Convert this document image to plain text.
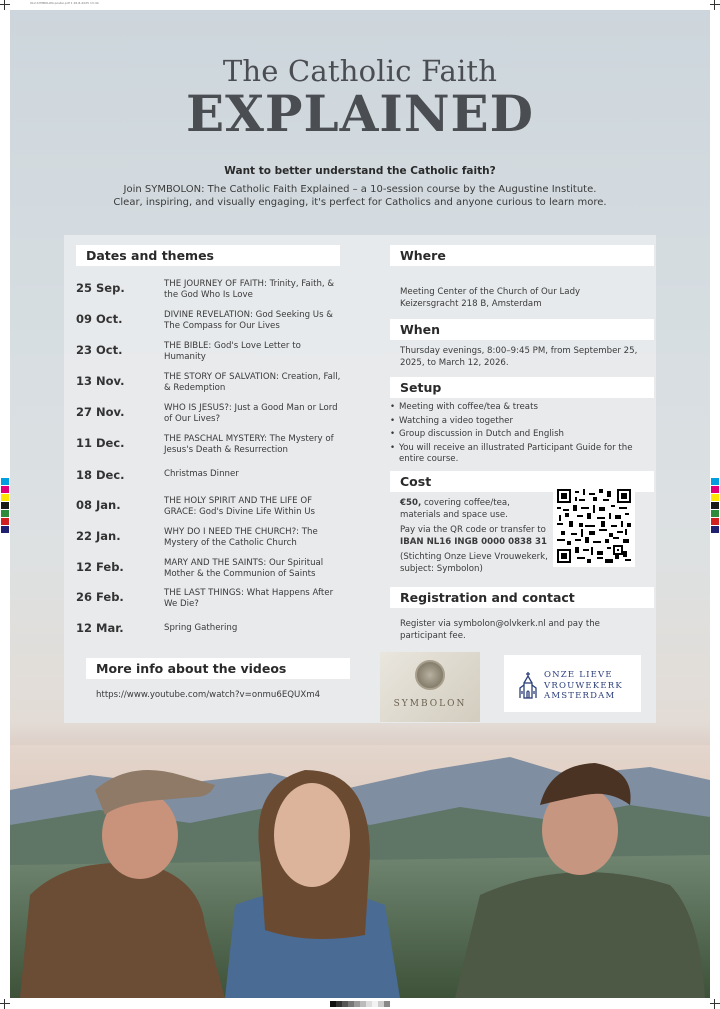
OLV-SYMBOLON-poster.pdf 1 26-8-2025 13:44
The Catholic Faith
EXPLAINED
Want to better understand the Catholic faith?
Join SYMBOLON: The Catholic Faith Explained – a 10-session course by the Augustine Institute.
Clear, inspiring, and visually engaging, it's perfect for Catholics and anyone curious to learn more.
Dates and themes
25 Sep.	THE JOURNEY OF FAITH: Trinity, Faith, & the God Who Is Love
09 Oct.	DIVINE REVELATION: God Seeking Us & The Compass for Our Lives
23 Oct.	THE BIBLE: God's Love Letter to Humanity
13 Nov.	THE STORY OF SALVATION: Creation, Fall, & Redemption
27 Nov.	WHO IS JESUS?: Just a Good Man or Lord of Our Lives?
11 Dec.	THE PASCHAL MYSTERY: The Mystery of Jesus's Death & Resurrection
18 Dec.	Christmas Dinner
08 Jan.	THE HOLY SPIRIT AND THE LIFE OF GRACE: God's Divine Life Within Us
22 Jan.	WHY DO I NEED THE CHURCH?: The Mystery of the Catholic Church
12 Feb.	MARY AND THE SAINTS: Our Spiritual Mother & the Communion of Saints
26 Feb.	THE LAST THINGS: What Happens After We Die?
12 Mar.	Spring Gathering
More info about the videos
https://www.youtube.com/watch?v=onmu6EQUXm4
Where
Meeting Center of the Church of Our Lady
Keizersgracht 218 B, Amsterdam
When
Thursday evenings, 8:00–9:45 PM, from September 25,
2025, to March 12, 2026.
Setup
• Meeting with coffee/tea & treats
• Watching a video together
• Group discussion in Dutch and English
• You will receive an illustrated Participant Guide for the entire course.
Cost
€50, covering coffee/tea,
materials and space use.
Pay via the QR code or transfer to
IBAN NL16 INGB 0000 0838 31
(Stichting Onze Lieve Vrouwekerk,
subject: Symbolon)
Registration and contact
Register via symbolon@olvkerk.nl and pay the
participant fee.
SYMBOLON
ONZE LIEVE
VROUWEKERK
AMSTERDAM
